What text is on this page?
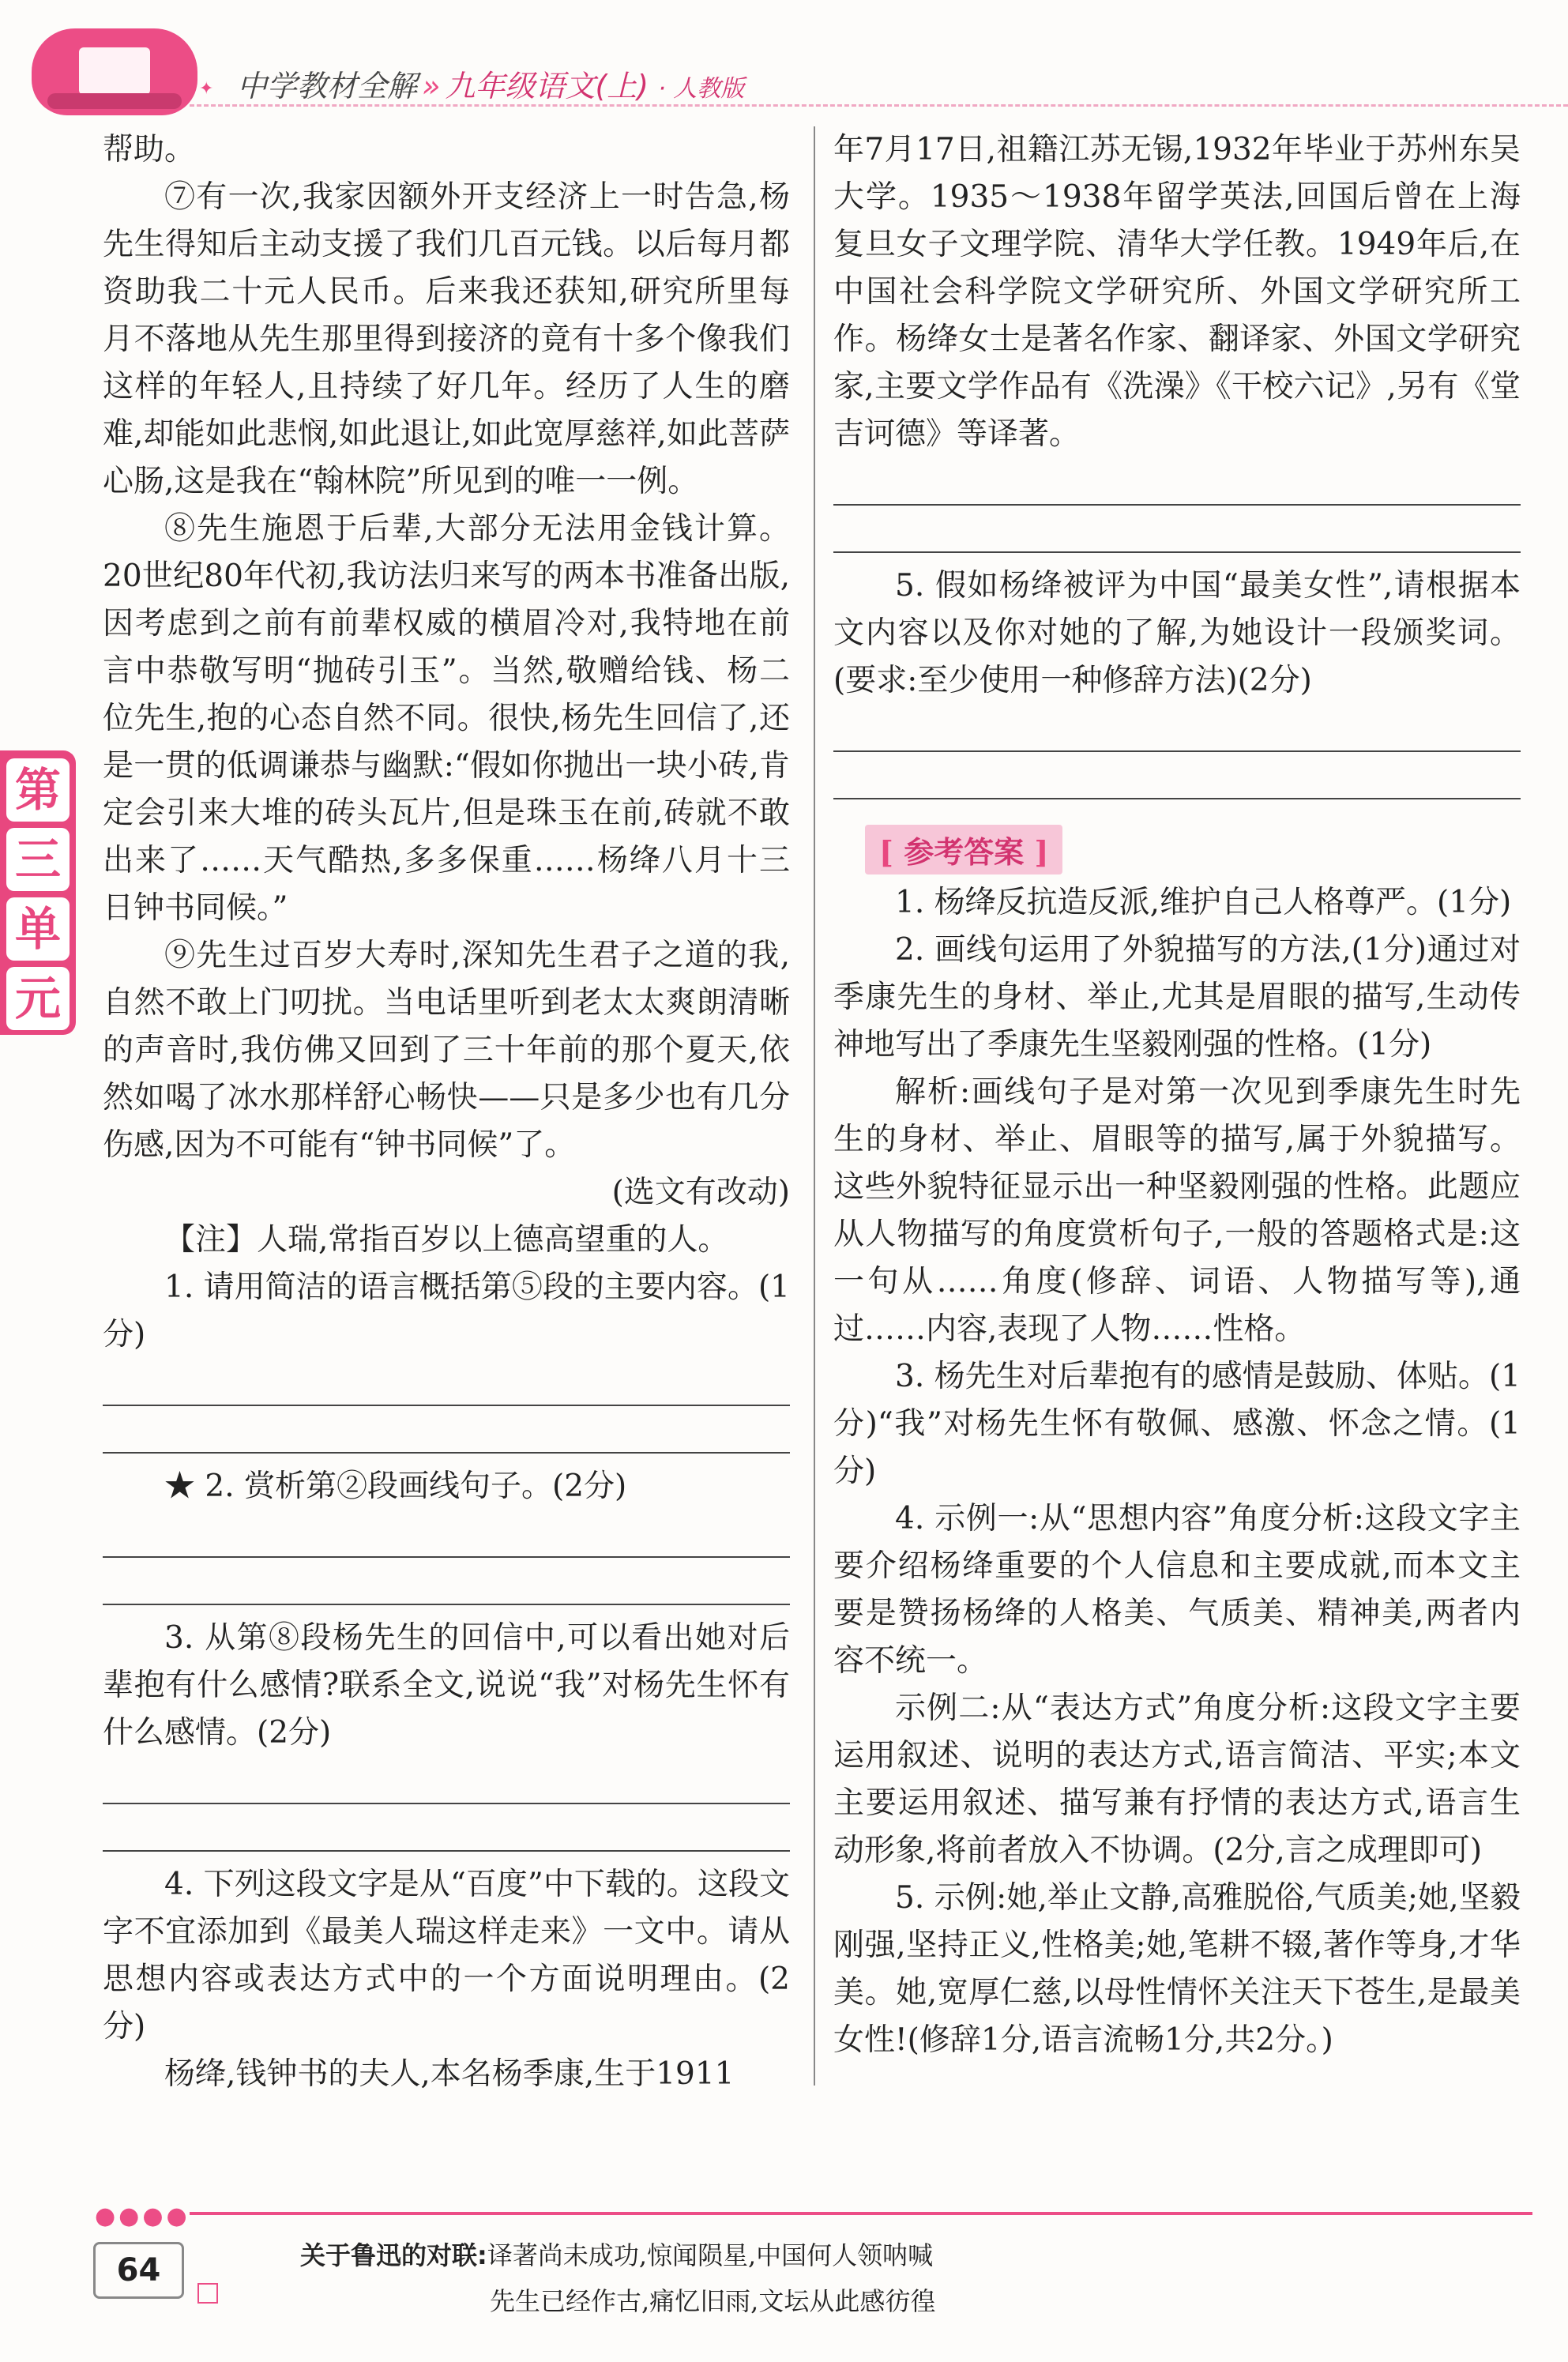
✦ 中学教材全解 » 九年级语文(上) · 人教版
第
三
单
元
帮助。
⑦有一次,我家因额外开支经济上一时告急,杨先生得知后主动支援了我们几百元钱。以后每月都资助我二十元人民币。后来我还获知,研究所里每月不落地从先生那里得到接济的竟有十多个像我们这样的年轻人,且持续了好几年。经历了人生的磨难,却能如此悲悯,如此退让,如此宽厚慈祥,如此菩萨心肠,这是我在“翰林院”所见到的唯一一例。
⑧先生施恩于后辈,大部分无法用金钱计算。20世纪80年代初,我访法归来写的两本书准备出版,因考虑到之前有前辈权威的横眉冷对,我特地在前言中恭敬写明“抛砖引玉”。当然,敬赠给钱、杨二位先生,抱的心态自然不同。很快,杨先生回信了,还是一贯的低调谦恭与幽默:“假如你抛出一块小砖,肯定会引来大堆的砖头瓦片,但是珠玉在前,砖就不敢出来了……天气酷热,多多保重……杨绛八月十三日钟书同候。”
⑨先生过百岁大寿时,深知先生君子之道的我,自然不敢上门叨扰。当电话里听到老太太爽朗清晰的声音时,我仿佛又回到了三十年前的那个夏天,依然如喝了冰水那样舒心畅快——只是多少也有几分伤感,因为不可能有“钟书同候”了。
(选文有改动)
【注】人瑞,常指百岁以上德高望重的人。
1. 请用简洁的语言概括第⑤段的主要内容。(1分)
★ 2. 赏析第②段画线句子。(2分)
3. 从第⑧段杨先生的回信中,可以看出她对后辈抱有什么感情?联系全文,说说“我”对杨先生怀有什么感情。(2分)
4. 下列这段文字是从“百度”中下载的。这段文字不宜添加到《最美人瑞这样走来》一文中。请从思想内容或表达方式中的一个方面说明理由。(2分)
杨绛,钱钟书的夫人,本名杨季康,生于1911
年7月17日,祖籍江苏无锡,1932年毕业于苏州东吴大学。1935～1938年留学英法,回国后曾在上海复旦女子文理学院、清华大学任教。1949年后,在中国社会科学院文学研究所、外国文学研究所工作。杨绛女士是著名作家、翻译家、外国文学研究家,主要文学作品有《洗澡》《干校六记》,另有《堂吉诃德》等译著。
5. 假如杨绛被评为中国“最美女性”,请根据本文内容以及你对她的了解,为她设计一段颁奖词。(要求:至少使用一种修辞方法)(2分)
[ 参考答案 ]
1. 杨绛反抗造反派,维护自己人格尊严。(1分)
2. 画线句运用了外貌描写的方法,(1分)通过对季康先生的身材、举止,尤其是眉眼的描写,生动传神地写出了季康先生坚毅刚强的性格。(1分)
解析:画线句子是对第一次见到季康先生时先生的身材、举止、眉眼等的描写,属于外貌描写。这些外貌特征显示出一种坚毅刚强的性格。此题应从人物描写的角度赏析句子,一般的答题格式是:这一句从……角度(修辞、词语、人物描写等),通过……内容,表现了人物……性格。
3. 杨先生对后辈抱有的感情是鼓励、体贴。(1分)“我”对杨先生怀有敬佩、感激、怀念之情。(1分)
4. 示例一:从“思想内容”角度分析:这段文字主要介绍杨绛重要的个人信息和主要成就,而本文主要是赞扬杨绛的人格美、气质美、精神美,两者内容不统一。
示例二:从“表达方式”角度分析:这段文字主要运用叙述、说明的表达方式,语言简洁、平实;本文主要运用叙述、描写兼有抒情的表达方式,语言生动形象,将前者放入不协调。(2分,言之成理即可)
5. 示例:她,举止文静,高雅脱俗,气质美;她,坚毅刚强,坚持正义,性格美;她,笔耕不辍,著作等身,才华美。她,宽厚仁慈,以母性情怀关注天下苍生,是最美女性!(修辞1分,语言流畅1分,共2分。)
●●●●
64	关于鲁迅的对联:译著尚未成功,惊闻陨星,中国何人领呐喊
先生已经作古,痛忆旧雨,文坛从此感彷徨
